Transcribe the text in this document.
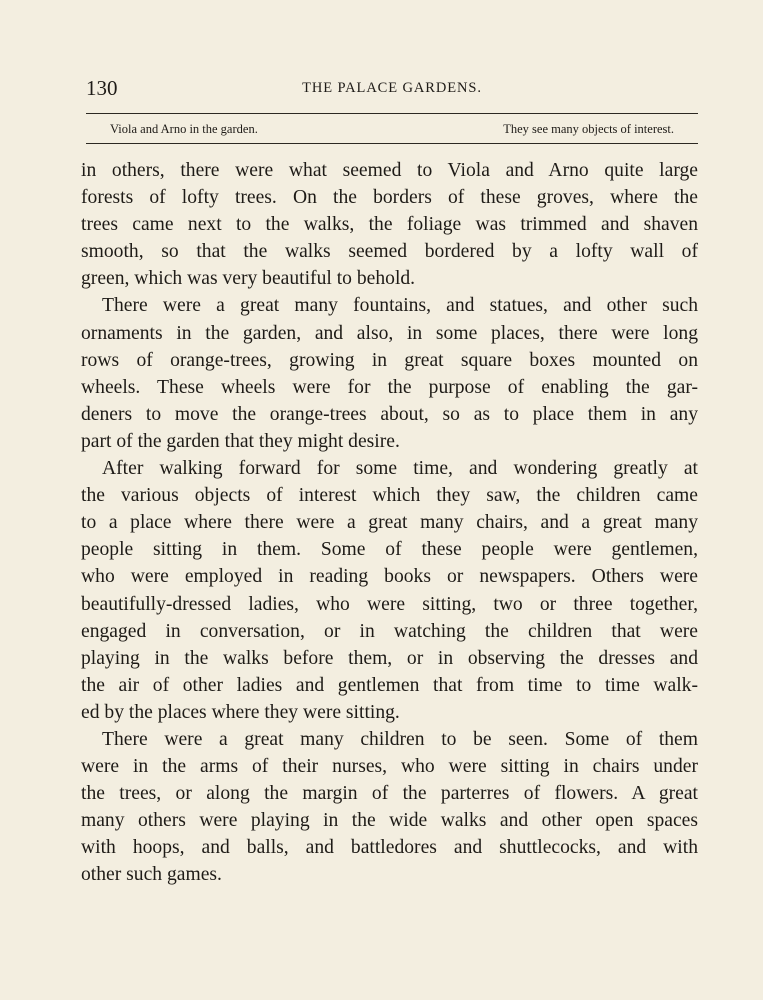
130	THE PALACE GARDENS.
Viola and Arno in the garden.	They see many objects of interest.
in others, there were what seemed to Viola and Arno quite large
forests of lofty trees. On the borders of these groves, where the
trees came next to the walks, the foliage was trimmed and shaven
smooth, so that the walks seemed bordered by a lofty wall of
green, which was very beautiful to behold.
There were a great many fountains, and statues, and other such
ornaments in the garden, and also, in some places, there were long
rows of orange-trees, growing in great square boxes mounted on
wheels. These wheels were for the purpose of enabling the gar-
deners to move the orange-trees about, so as to place them in any
part of the garden that they might desire.
After walking forward for some time, and wondering greatly at
the various objects of interest which they saw, the children came
to a place where there were a great many chairs, and a great many
people sitting in them. Some of these people were gentlemen,
who were employed in reading books or newspapers. Others were
beautifully-dressed ladies, who were sitting, two or three together,
engaged in conversation, or in watching the children that were
playing in the walks before them, or in observing the dresses and
the air of other ladies and gentlemen that from time to time walk-
ed by the places where they were sitting.
There were a great many children to be seen. Some of them
were in the arms of their nurses, who were sitting in chairs under
the trees, or along the margin of the parterres of flowers. A great
many others were playing in the wide walks and other open spaces
with hoops, and balls, and battledores and shuttlecocks, and with
other such games.
